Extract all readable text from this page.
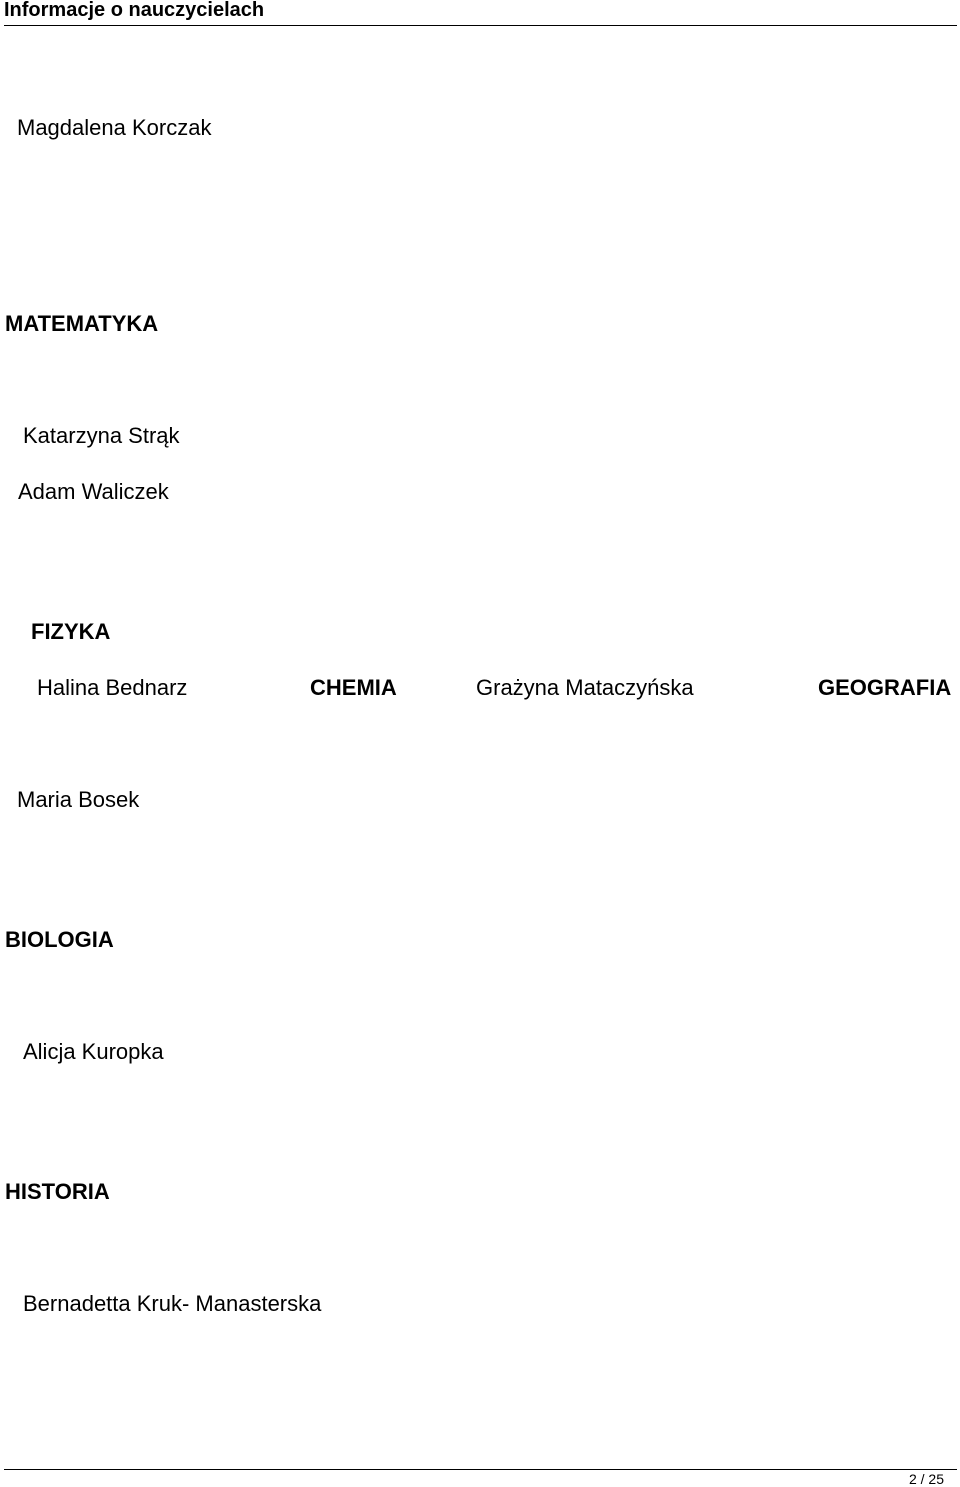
Informacje o nauczycielach
Magdalena Korczak
MATEMATYKA
Katarzyna Strąk
Adam Waliczek
FIZYKA
Halina Bednarz	CHEMIA	Grażyna Mataczyńska	GEOGRAFIA
Maria Bosek
BIOLOGIA
Alicja Kuropka
HISTORIA
Bernadetta Kruk- Manasterska
2 / 25
